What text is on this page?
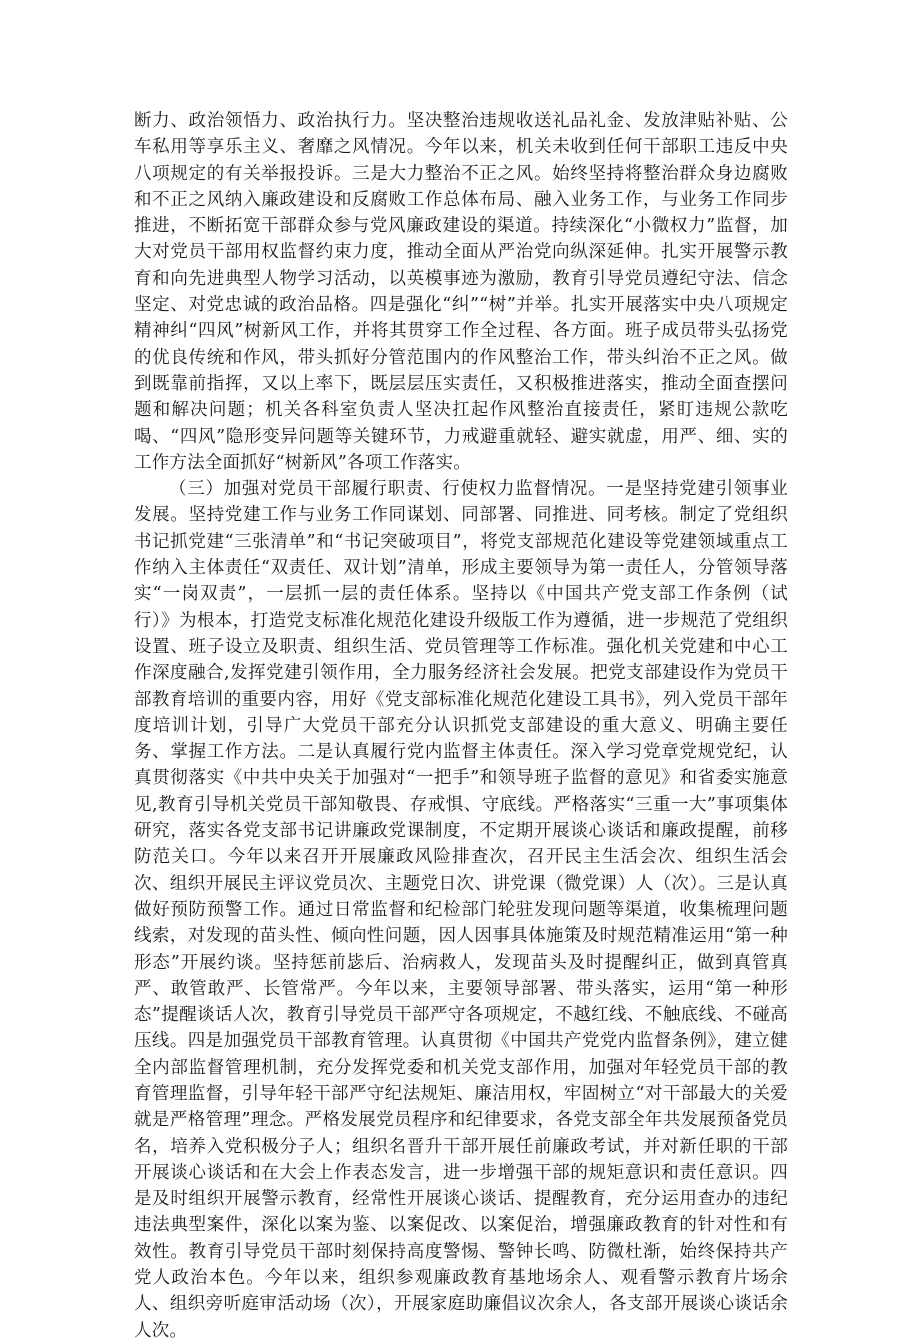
断力、政治领悟力、政治执行力。坚决整治违规收送礼品礼金、发放津贴补贴、公车私用等享乐主义、奢靡之风情况。今年以来，机关未收到任何干部职工违反中央八项规定的有关举报投诉。三是大力整治不正之风。始终坚持将整治群众身边腐败和不正之风纳入廉政建设和反腐败工作总体布局、融入业务工作，与业务工作同步推进，不断拓宽干部群众参与党风廉政建设的渠道。持续深化“小微权力”监督，加大对党员干部用权监督约束力度，推动全面从严治党向纵深延伸。扎实开展警示教育和向先进典型人物学习活动，以英模事迹为激励，教育引导党员遵纪守法、信念坚定、对党忠诚的政治品格。四是强化“纠”“树”并举。扎实开展落实中央八项规定精神纠“四风”树新风工作，并将其贯穿工作全过程、各方面。班子成员带头弘扬党的优良传统和作风，带头抓好分管范围内的作风整治工作，带头纠治不正之风。做到既靠前指挥，又以上率下，既层层压实责任，又积极推进落实，推动全面查摆问题和解决问题；机关各科室负责人坚决扛起作风整治直接责任，紧盯违规公款吃喝、“四风”隐形变异问题等关键环节，力戒避重就轻、避实就虚，用严、细、实的工作方法全面抓好“树新风”各项工作落实。

（三）加强对党员干部履行职责、行使权力监督情况。一是坚持党建引领事业发展。坚持党建工作与业务工作同谋划、同部署、同推进、同考核。制定了党组织书记抓党建“三张清单”和“书记突破项目”，将党支部规范化建设等党建领域重点工作纳入主体责任“双责任、双计划”清单，形成主要领导为第一责任人，分管领导落实“一岗双责”，一层抓一层的责任体系。坚持以《中国共产党支部工作条例（试行）》为根本，打造党支标准化规范化建设升级版工作为遵循，进一步规范了党组织设置、班子设立及职责、组织生活、党员管理等工作标准。强化机关党建和中心工作深度融合,发挥党建引领作用，全力服务经济社会发展。把党支部建设作为党员干部教育培训的重要内容，用好《党支部标准化规范化建设工具书》，列入党员干部年度培训计划，引导广大党员干部充分认识抓党支部建设的重大意义、明确主要任务、掌握工作方法。二是认真履行党内监督主体责任。深入学习党章党规党纪，认真贯彻落实《中共中央关于加强对“一把手”和领导班子监督的意见》和省委实施意见,教育引导机关党员干部知敬畏、存戒惧、守底线。严格落实“三重一大”事项集体研究，落实各党支部书记讲廉政党课制度，不定期开展谈心谈话和廉政提醒，前移防范关口。今年以来召开开展廉政风险排查次，召开民主生活会次、组织生活会次、组织开展民主评议党员次、主题党日次、讲党课（微党课）人（次）。三是认真做好预防预警工作。通过日常监督和纪检部门轮驻发现问题等渠道，收集梳理问题线索，对发现的苗头性、倾向性问题，因人因事具体施策及时规范精准运用“第一种形态”开展约谈。坚持惩前毖后、治病救人，发现苗头及时提醒纠正，做到真管真严、敢管敢严、长管常严。今年以来，主要领导部署、带头落实，运用“第一种形态”提醒谈话人次，教育引导党员干部严守各项规定，不越红线、不触底线、不碰高压线。四是加强党员干部教育管理。认真贯彻《中国共产党党内监督条例》，建立健全内部监督管理机制，充分发挥党委和机关党支部作用，加强对年轻党员干部的教育管理监督，引导年轻干部严守纪法规矩、廉洁用权，牢固树立“对干部最大的关爱就是严格管理”理念。严格发展党员程序和纪律要求，各党支部全年共发展预备党员名，培养入党积极分子人；组织名晋升干部开展任前廉政考试，并对新任职的干部开展谈心谈话和在大会上作表态发言，进一步增强干部的规矩意识和责任意识。四是及时组织开展警示教育，经常性开展谈心谈话、提醒教育，充分运用查办的违纪违法典型案件，深化以案为鉴、以案促改、以案促治，增强廉政教育的针对性和有效性。教育引导党员干部时刻保持高度警惕、警钟长鸣、防微杜渐，始终保持共产党人政治本色。今年以来，组织参观廉政教育基地场余人、观看警示教育片场余人、组织旁听庭审活动场（次），开展家庭助廉倡议次余人，各支部开展谈心谈话余人次。
